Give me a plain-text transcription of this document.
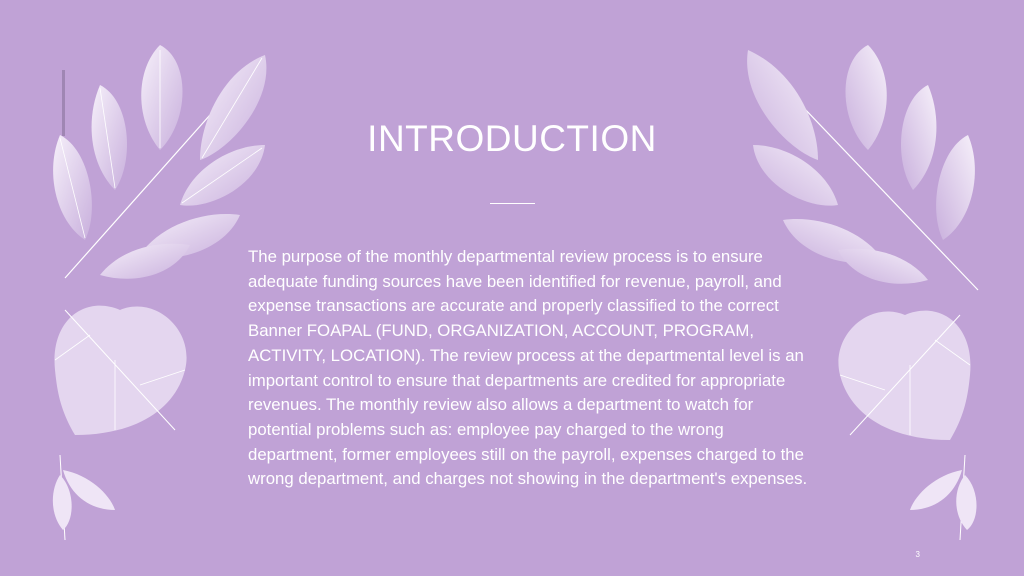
INTRODUCTION
The purpose of the monthly departmental review process is to ensure adequate funding sources have been identified for revenue, payroll, and expense transactions are accurate and properly classified to the correct Banner FOAPAL (FUND, ORGANIZATION, ACCOUNT, PROGRAM, ACTIVITY, LOCATION). The review process at the departmental level is an important control to ensure that departments are credited for appropriate revenues. The monthly review also allows a department to watch for potential problems such as: employee pay charged to the wrong department, former employees still on the payroll, expenses charged to the wrong department, and charges not showing in the department's expenses.
3
